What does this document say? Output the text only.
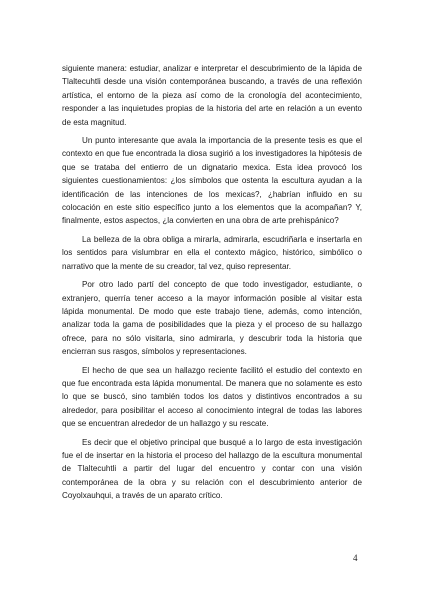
siguiente manera: estudiar, analizar e interpretar el descubrimiento de la lápida de Tlaltecuhtli desde una visión contemporánea buscando, a través de una reflexión artística, el entorno de la pieza así como de la cronología del acontecimiento, responder a las inquietudes propias de la historia del arte en relación a un evento de esta magnitud.

Un punto interesante que avala la importancia de la presente tesis es que el contexto en que fue encontrada la diosa sugirió a los investigadores la hipótesis de que se trataba del entierro de un dignatario mexica. Esta idea provocó los siguientes cuestionamientos: ¿los símbolos que ostenta la escultura ayudan a la identificación de las intenciones de los mexicas?, ¿habrían influido en su colocación en este sitio específico junto a los elementos que la acompañan? Y, finalmente, estos aspectos, ¿la convierten en una obra de arte prehispánico?

La belleza de la obra obliga a mirarla, admirarla, escudriñarla e insertarla en los sentidos para vislumbrar en ella el contexto mágico, histórico, simbólico o narrativo que la mente de su creador, tal vez, quiso representar.

Por otro lado partí del concepto de que todo investigador, estudiante, o extranjero, querría tener acceso a la mayor información posible al visitar esta lápida monumental. De modo que este trabajo tiene, además, como intención, analizar toda la gama de posibilidades que la pieza y el proceso de su hallazgo ofrece, para no sólo visitarla, sino admirarla, y descubrir toda la historia que encierran sus rasgos, símbolos y representaciones.

El hecho de que sea un hallazgo reciente facilitó el estudio del contexto en que fue encontrada esta lápida monumental. De manera que no solamente es esto lo que se buscó, sino también todos los datos y distintivos encontrados a su alrededor, para posibilitar el acceso al conocimiento integral de todas las labores que se encuentran alrededor de un hallazgo y su rescate.

Es decir que el objetivo principal que busqué a lo largo de esta investigación fue el de insertar en la historia el proceso del hallazgo de la escultura monumental de Tlaltecuhtli a partir del lugar del encuentro y contar con una visión contemporánea de la obra y su relación con el descubrimiento anterior de Coyolxauhqui, a través de un aparato crítico.

4
